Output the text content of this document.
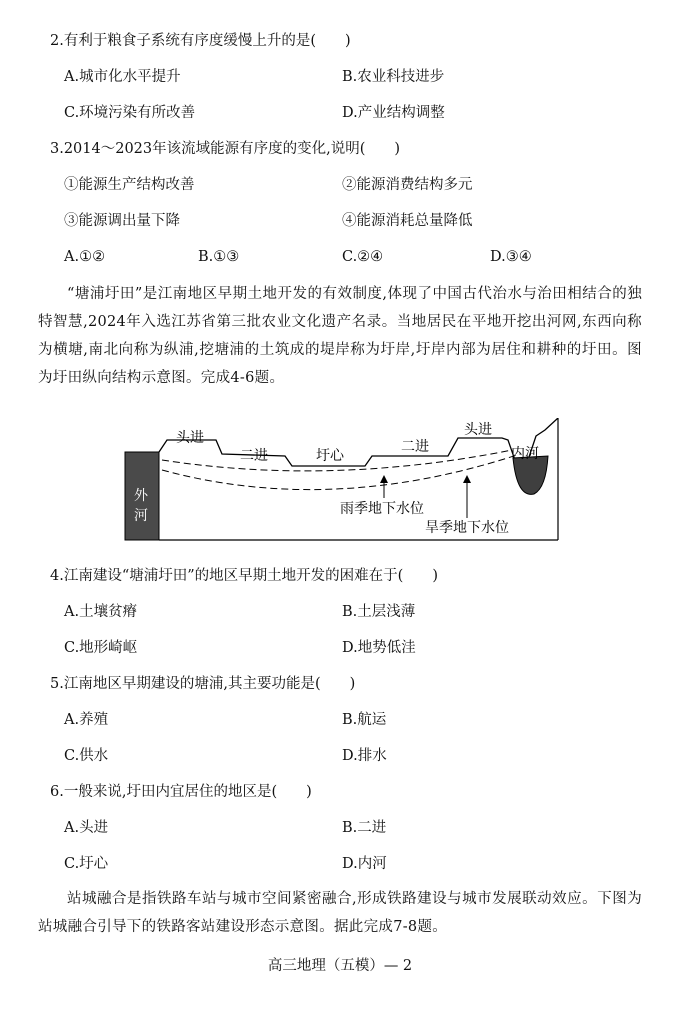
2.有利于粮食子系统有序度缓慢上升的是(　　)
A.城市化水平提升	B.农业科技进步
C.环境污染有所改善	D.产业结构调整
3.2014～2023年该流域能源有序度的变化,说明(　　)
①能源生产结构改善	②能源消费结构多元
③能源调出量下降	④能源消耗总量降低
A.①②	B.①③	C.②④	D.③④
“塘浦圩田”是江南地区早期土地开发的有效制度,体现了中国古代治水与治田相结合的独特智慧,2024年入选江苏省第三批农业文化遗产名录。当地居民在平地开挖出河网,东西向称为横塘,南北向称为纵浦,挖塘浦的土筑成的堤岸称为圩岸,圩岸内部为居住和耕种的圩田。图为圩田纵向结构示意图。完成4-6题。
头进
二进	圩心
二进
头进
内河
外
河	雨季地下水位
旱季地下水位
4.江南建设“塘浦圩田”的地区早期土地开发的困难在于(　　)
A.土壤贫瘠	B.土层浅薄
C.地形崎岖	D.地势低洼
5.江南地区早期建设的塘浦,其主要功能是(　　)
A.养殖	B.航运
C.供水	D.排水
6.一般来说,圩田内宜居住的地区是(　　)
A.头进	B.二进
C.圩心	D.内河
站城融合是指铁路车站与城市空间紧密融合,形成铁路建设与城市发展联动效应。下图为站城融合引导下的铁路客站建设形态示意图。据此完成7-8题。
高三地理（五模）— 2
